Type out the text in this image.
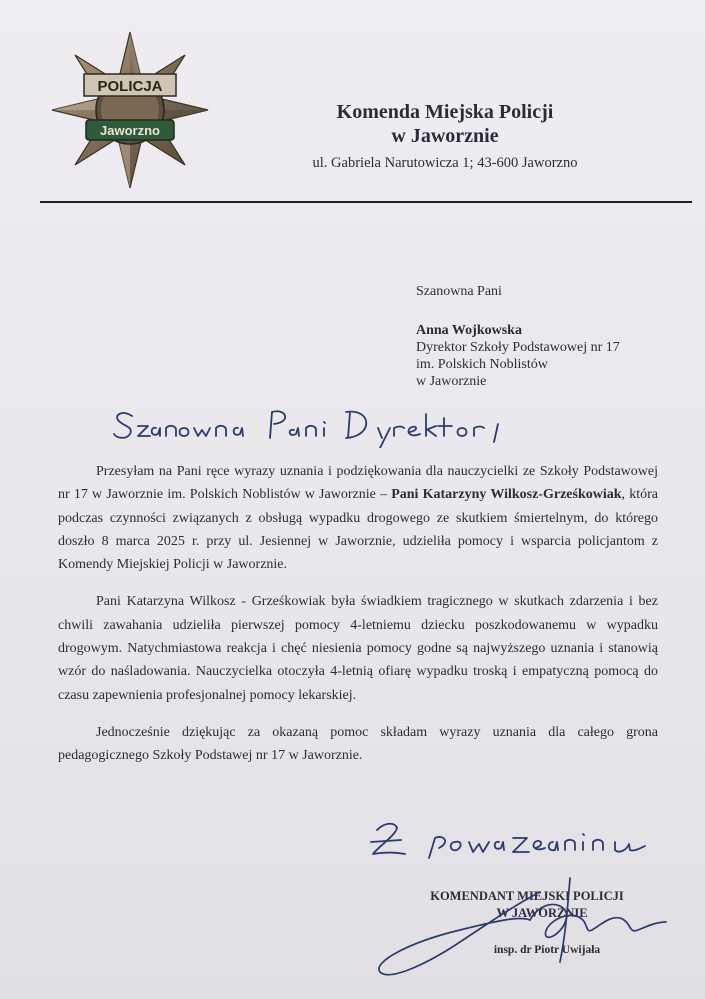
POLICJA
Jaworzno

Komenda Miejska Policji

w Jaworznie

ul. Gabriela Narutowicza 1; 43-600 Jaworzno
Szanowna Pani
Anna Wojkowska
Dyrektor Szkoły Podstawowej nr 17
im. Polskich Noblistów
w Jaworznie

Przesyłam na Pani ręce wyrazy uznania i podziękowania dla nauczycielki ze Szkoły Podstawowej nr 17 w Jaworznie im. Polskich Noblistów w Jaworznie – Pani Katarzyny Wilkosz-Grześkowiak, która podczas czynności związanych z obsługą wypadku drogowego ze skutkiem śmiertelnym, do którego doszło 8 marca 2025 r. przy ul. Jesiennej w Jaworznie, udzieliła pomocy i wsparcia policjantom z Komendy Miejskiej Policji w Jaworznie.

Pani Katarzyna Wilkosz - Grześkowiak była świadkiem tragicznego w skutkach zdarzenia i bez chwili zawahania udzieliła pierwszej pomocy 4-letniemu dziecku poszkodowanemu w wypadku drogowym. Natychmiastowa reakcja i chęć niesienia pomocy godne są najwyższego uznania i stanowią wzór do naśladowania. Nauczycielka otoczyła 4-letnią ofiarę wypadku troską i empatyczną pomocą do czasu zapewnienia profesjonalnej pomocy lekarskiej.

Jednocześnie dziękując za okazaną pomoc składam wyrazy uznania dla całego grona pedagogicznego Szkoły Podstawej nr 17 w Jaworznie.

KOMENDANT MIEJSKI POLICJI
W JAWORZNIE
insp. dr Piotr Uwijała
